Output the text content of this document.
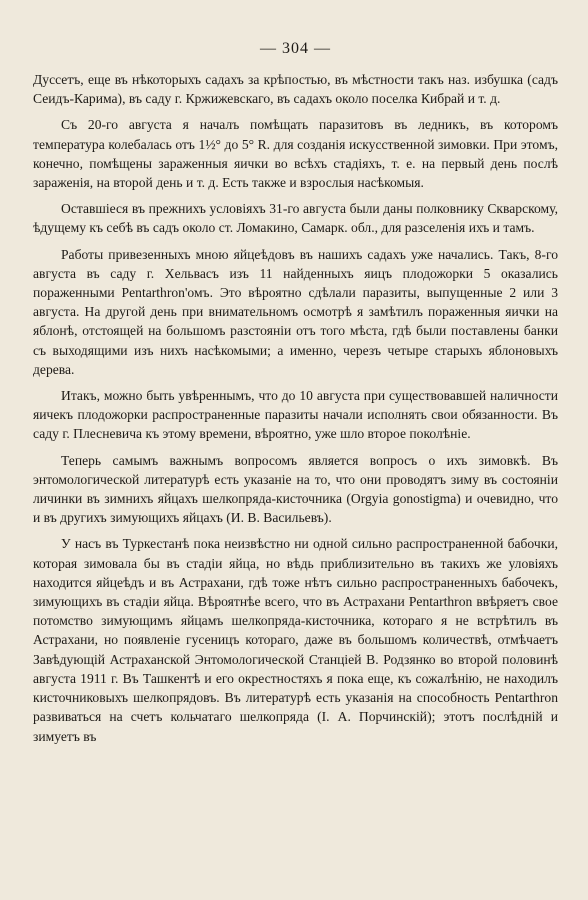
— 304 —

Дуссетъ, еще въ нѣкоторыхъ садахъ за крѣпостью, въ мѣстности такъ наз. избушка (садъ Сеидъ-Карима), въ саду г. Кржижевскаго, въ садахъ около поселка Кибрай и т. д.

Съ 20-го августа я началъ помѣщать паразитовъ въ ледникъ, въ которомъ температура колебалась отъ 1½° до 5° R. для созданія искусственной зимовки. При этомъ, конечно, помѣщены зараженныя яички во всѣхъ стадіяхъ, т. е. на первый день послѣ зараженія, на второй день и т. д. Есть также и взрослыя насѣкомыя.

Оставшіеся въ прежнихъ условіяхъ 31-го августа были даны полковнику Скварскому, ѣдущему къ себѣ въ садъ около ст. Ломакино, Самарк. обл., для разселенія ихъ и тамъ.

Работы привезенныхъ мною яйцеѣдовъ въ нашихъ садахъ уже начались. Такъ, 8-го августа въ саду г. Хельвасъ изъ 11 найденныхъ яицъ плодожорки 5 оказались пораженными Pentarthron'омъ. Это вѣроятно сдѣлали паразиты, выпущенные 2 или 3 августа. На другой день при внимательномъ осмотрѣ я замѣтилъ пораженныя яички на яблонѣ, отстоящей на большомъ разстояніи отъ того мѣста, гдѣ были поставлены банки съ выходящими изъ нихъ насѣкомыми; а именно, черезъ четыре старыхъ яблоновыхъ дерева.

Итакъ, можно быть увѣреннымъ, что до 10 августа при существовавшей наличности яичекъ плодожорки распространенные паразиты начали исполнять свои обязанности. Въ саду г. Плесневича къ этому времени, вѣроятно, уже шло второе поколѣніе.

Теперь самымъ важнымъ вопросомъ является вопросъ о ихъ зимовкѣ. Въ энтомологической литературѣ есть указаніе на то, что они проводятъ зиму въ состояніи личинки въ зимнихъ яйцахъ шелкопряда-кисточника (Orgyia gonostigma) и очевидно, что и въ другихъ зимующихъ яйцахъ (И. В. Васильевъ).

У насъ въ Туркестанѣ пока неизвѣстно ни одной сильно распространенной бабочки, которая зимовала бы въ стадіи яйца, но вѣдь приблизительно въ такихъ же уловіяхъ находится яйцеѣдъ и въ Астрахани, гдѣ тоже нѣтъ сильно распространенныхъ бабочекъ, зимующихъ въ стадіи яйца. Вѣроятнѣе всего, что въ Астрахани Pentarthron ввѣряетъ свое потомство зимующимъ яйцамъ шелкопряда-кисточника, котораго я не встрѣтилъ въ Астрахани, но появленіе гусеницъ котораго, даже въ большомъ количествѣ, отмѣчаетъ Завѣдующій Астраханской Энтомологической Станціей В. Родзянко во второй половинѣ августа 1911 г. Въ Ташкентѣ и его окрестностяхъ я пока еще, къ сожалѣнію, не находилъ кисточниковыхъ шелкопрядовъ. Въ литературѣ есть указанія на способность Pentarthron развиваться на счетъ кольчатаго шелкопряда (I. А. Порчинскій); этотъ послѣдній и зимуетъ въ
